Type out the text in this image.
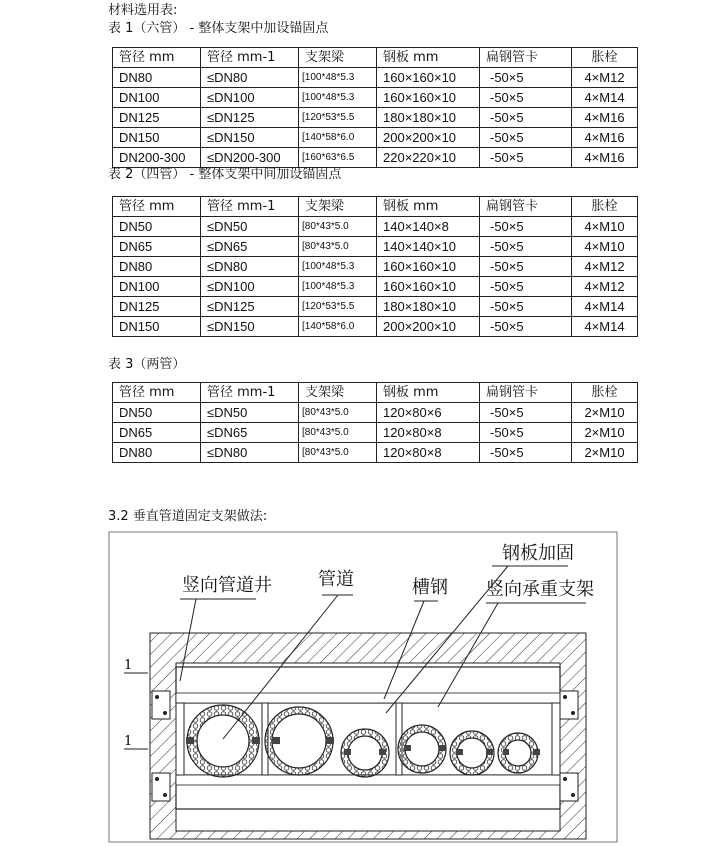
材料选用表:
表 1（六管） - 整体支架中加设锚固点
管径 mm	管径 mm-1	支架梁	钢板 mm	扁钢管卡	胀栓
DN80	≤DN80	[100*48*5.3	160×160×10	-50×5	4×M12
DN100	≤DN100	[100*48*5.3	160×160×10	-50×5	4×M14
DN125	≤DN125	[120*53*5.5	180×180×10	-50×5	4×M16
DN150	≤DN150	[140*58*6.0	200×200×10	-50×5	4×M16
DN200-300	≤DN200-300	[160*63*6.5	220×220×10	-50×5	4×M16
表 2（四管） - 整体支架中间加设锚固点
管径 mm	管径 mm-1	支架梁	钢板 mm	扁钢管卡	胀栓
DN50	≤DN50	[80*43*5.0	140×140×8	-50×5	4×M10
DN65	≤DN65	[80*43*5.0	140×140×10	-50×5	4×M10
DN80	≤DN80	[100*48*5.3	160×160×10	-50×5	4×M12
DN100	≤DN100	[100*48*5.3	160×160×10	-50×5	4×M12
DN125	≤DN125	[120*53*5.5	180×180×10	-50×5	4×M14
DN150	≤DN150	[140*58*6.0	200×200×10	-50×5	4×M14
表 3（两管）
管径 mm	管径 mm-1	支架梁	钢板 mm	扁钢管卡	胀栓
DN50	≤DN50	[80*43*5.0	120×80×6	-50×5	2×M10
DN65	≤DN65	[80*43*5.0	120×80×8	-50×5	2×M10
DN80	≤DN80	[80*43*5.0	120×80×8	-50×5	2×M10
3.2 垂直管道固定支架做法:
1
1
竖向管道井	管道	槽钢
钢板加固
竖向承重支架
